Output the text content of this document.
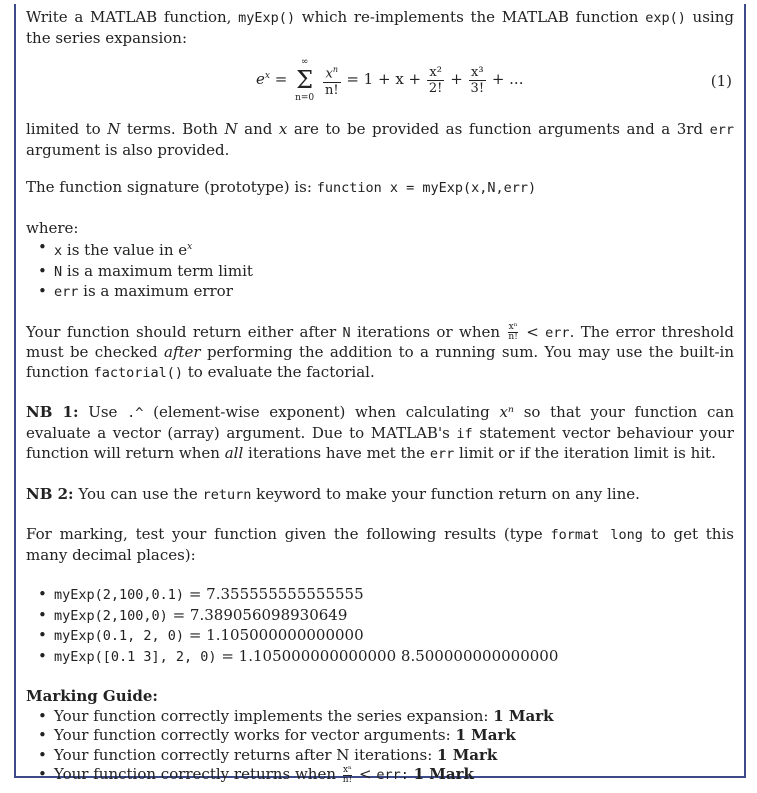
Write a MATLAB function, myExp() which re-implements the MATLAB function exp() using the series expansion:

$e^x$ =
∞
Σ
n=0

$\frac{x^n}{n!} = 1 + x + \frac{\text{x²}}{2!} + \frac{\text{x³}}{3!}$ + ...	(1)

limited to N terms. Both N and x are to be provided as function arguments and a 3rd err argument is also provided.

The function signature (prototype) is: function x = myExp(x,N,err)

where:

• x is the value in $e^x$
• N is a maximum term limit
• err is a maximum error

Your function should return either after N iterations or when $\frac{\text{xⁿ}}{n!}$ < err. The error threshold must be checked after performing the addition to a running sum. You may use the built-in function factorial() to evaluate the factorial.

NB 1: Use .^ (element-wise exponent) when calculating xⁿ so that your function can evaluate a vector (array) argument. Due to MATLAB's if statement vector behaviour your function will return when all iterations have met the err limit or if the iteration limit is hit.

NB 2: You can use the return keyword to make your function return on any line.

For marking, test your function given the following results (type format long to get this many decimal places):

• myExp(2,100,0.1) = 7.355555555555555
• myExp(2,100,0) = 7.389056098930649
• myExp(0.1, 2, 0) = 1.105000000000000
• myExp([0.1 3], 2, 0) = 1.105000000000000 8.500000000000000

Marking Guide:

• Your function correctly implements the series expansion: 1 Mark
• Your function correctly works for vector arguments: 1 Mark
• Your function correctly returns after N iterations: 1 Mark
• Your function correctly returns when $\frac{\text{xⁿ}}{n!}$ < err: 1 Mark
